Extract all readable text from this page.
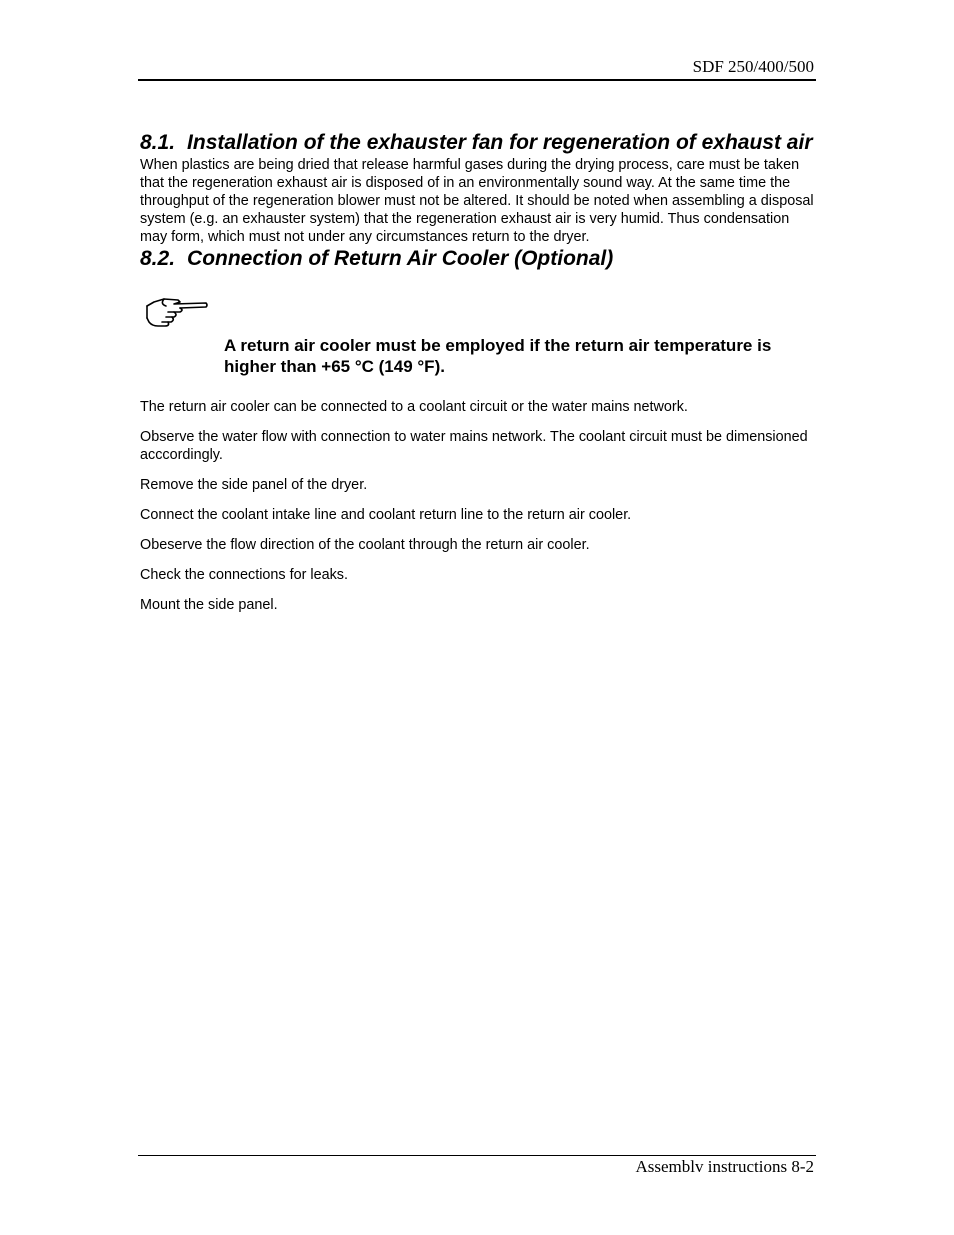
SDF 250/400/500
8.1. Installation of the exhauster fan for regeneration of exhaust air

When plastics are being dried that release harmful gases during the drying process, care must be taken that the regeneration exhaust air is disposed of in an environmentally sound way. At the same time the throughput of the regeneration blower must not be altered. It should be noted when assembling a disposal system (e.g. an exhauster system) that the regeneration exhaust air is very humid. Thus condensation may form, which must not under any circumstances return to the dryer.

8.2. Connection of Return Air Cooler (Optional)
A return air cooler must be employed if the return air temperature is higher than +65 °C (149 °F).

The return air cooler can be connected to a coolant circuit or the water mains network.

Observe the water flow with connection to water mains network. The coolant circuit must be dimensioned acccordingly.

Remove the side panel of the dryer.

Connect the coolant intake line and coolant return line to the return air cooler.

Obeserve the flow direction of the coolant through the return air cooler.

Check the connections for leaks.

Mount the side panel.

Assemblv instructions 8-2
